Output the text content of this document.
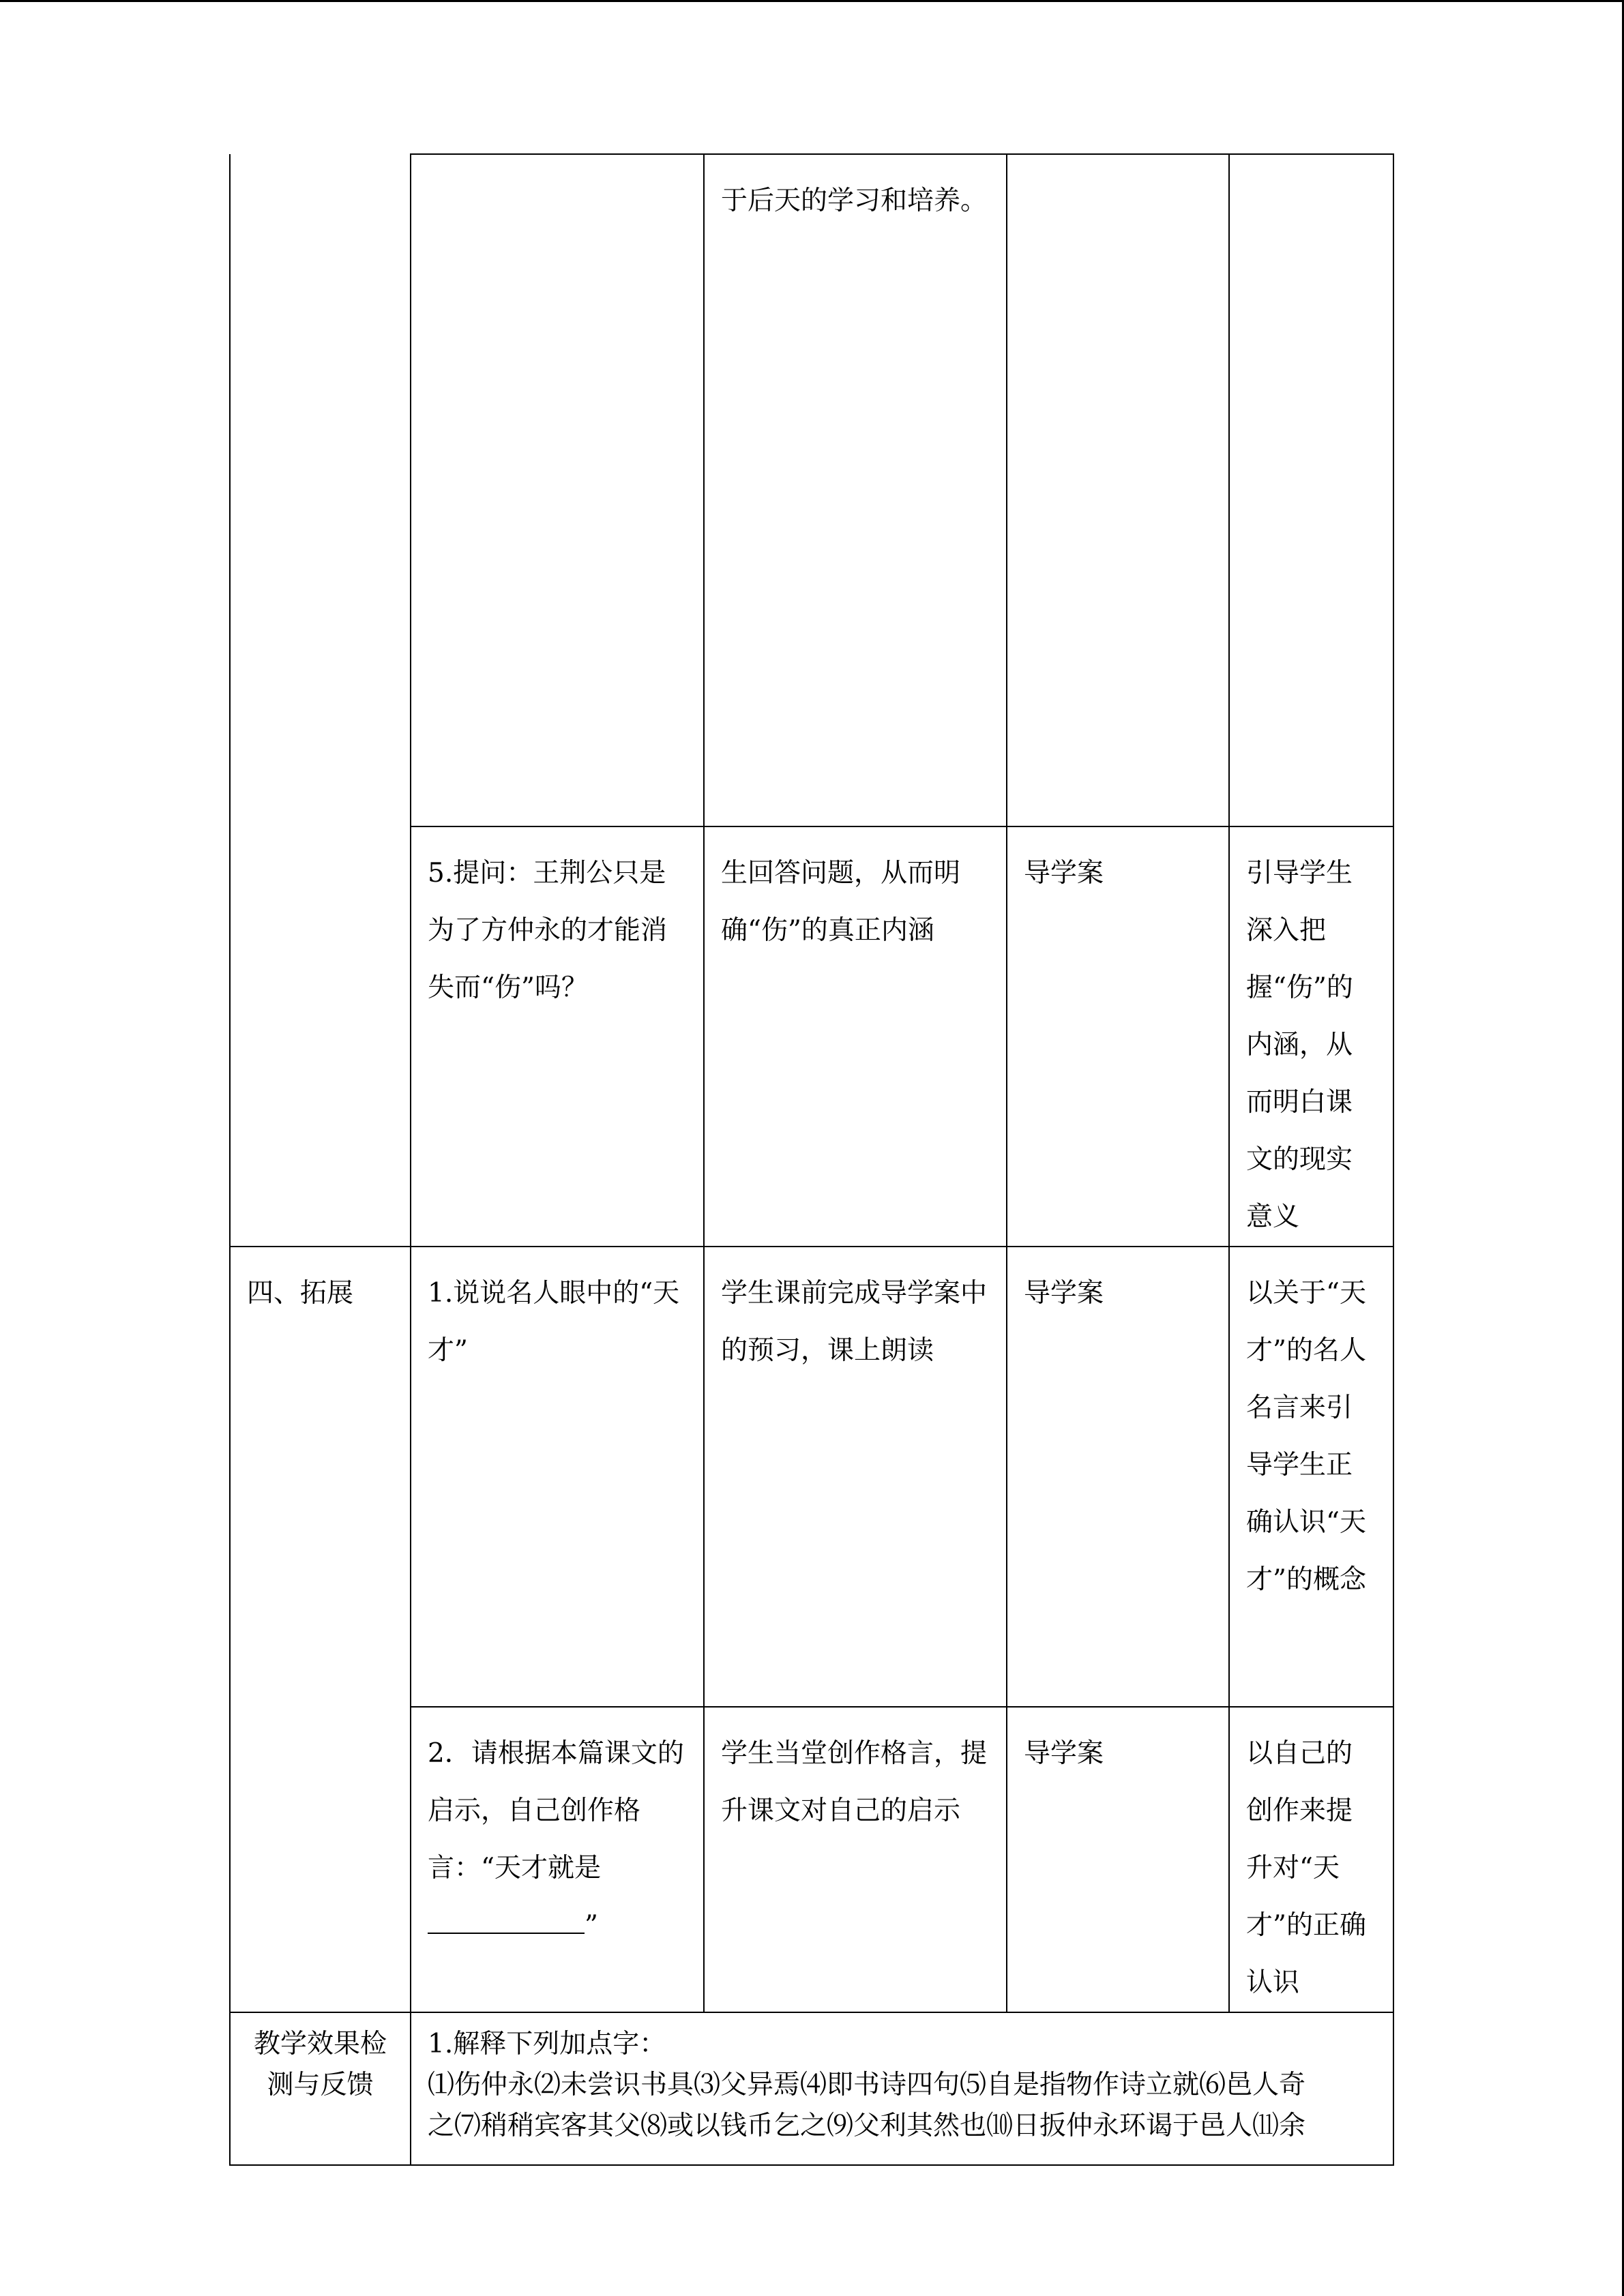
		于后天的学习和培养。		
	5.提问：王荆公只是为了方仲永的才能消失而“伤”吗？	生回答问题，从而明确“伤”的真正内涵	导学案	引导学生深入把握“伤”的内涵，从而明白课文的现实意义
四、拓展	1.说说名人眼中的“天才”	学生课前完成导学案中的预习，课上朗读	导学案	以关于“天才”的名人名言来引导学生正确认识“天才”的概念
	2．请根据本篇课文的启示，自己创作格言：“天才就是”	学生当堂创作格言，提升课文对自己的启示	导学案	以自己的创作来提升对“天才”的正确认识
教学效果检测与反馈	1.解释下列加点字：
⑴伤仲永⑵未尝识书具⑶父异焉⑷即书诗四句⑸自是指物作诗立就⑹邑人奇
之⑺稍稍宾客其父⑻或以钱币乞之⑼父利其然也⑽日扳仲永环谒于邑人⑾余			
